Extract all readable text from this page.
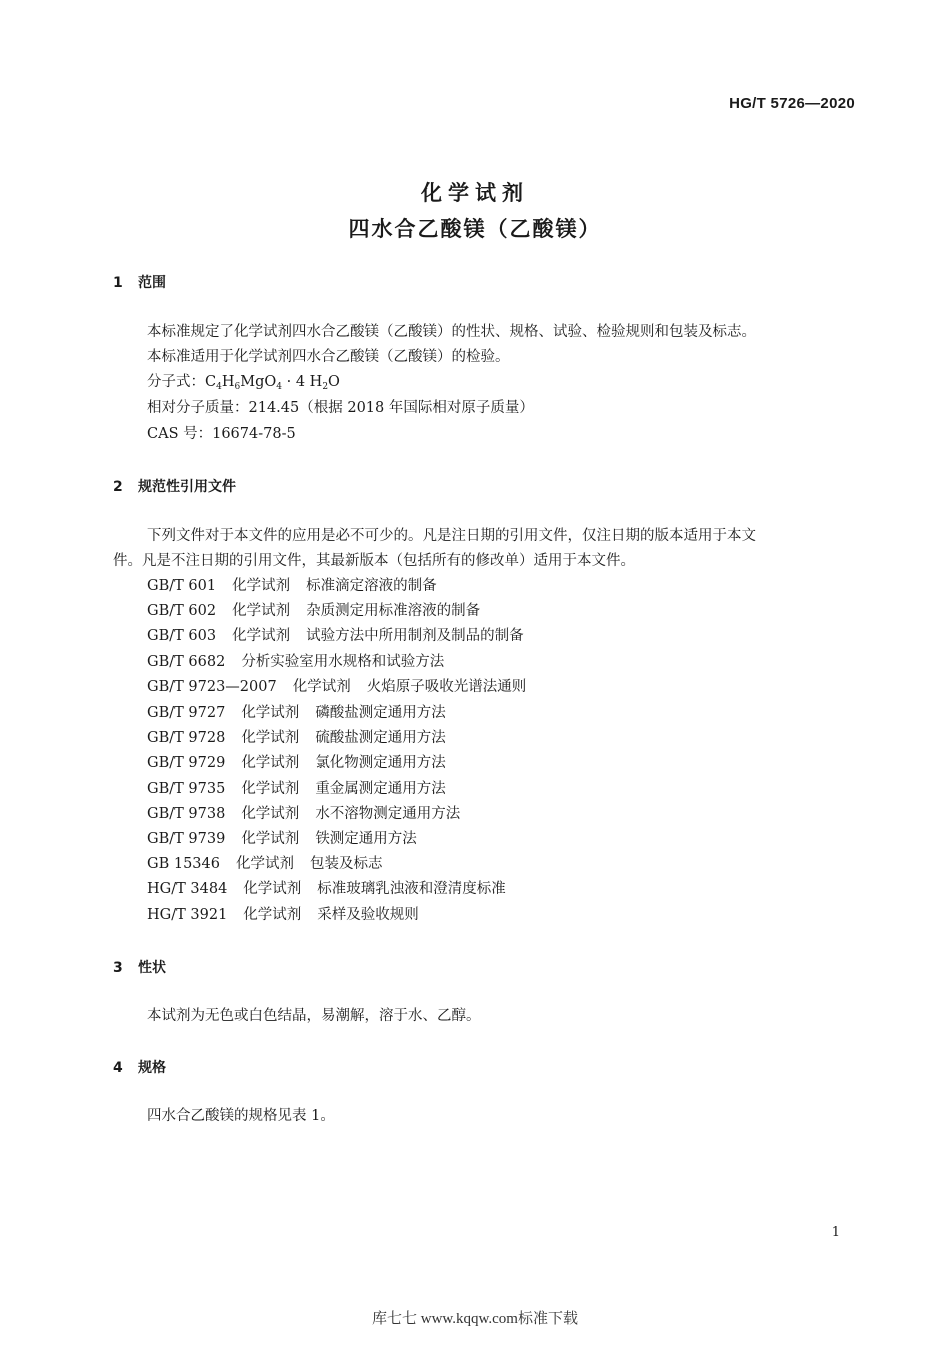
HG/T 5726—2020
化学试剂
四水合乙酸镁（乙酸镁）
1 范围
本标准规定了化学试剂四水合乙酸镁（乙酸镁）的性状、规格、试验、检验规则和包装及标志。
本标准适用于化学试剂四水合乙酸镁（乙酸镁）的检验。
分子式：$C_4H_6MgO_4 \cdot 4$ $H_2O$
相对分子质量：214.45（根据 2018 年国际相对原子质量）
CAS 号：16674-78-5
2 规范性引用文件
下列文件对于本文件的应用是必不可少的。凡是注日期的引用文件，仅注日期的版本适用于本文
件。凡是不注日期的引用文件，其最新版本（包括所有的修改单）适用于本文件。
GB/T 601 化学试剂 标准滴定溶液的制备
GB/T 602 化学试剂 杂质测定用标准溶液的制备
GB/T 603 化学试剂 试验方法中所用制剂及制品的制备
GB/T 6682 分析实验室用水规格和试验方法
GB/T 9723—2007 化学试剂 火焰原子吸收光谱法通则
GB/T 9727 化学试剂 磷酸盐测定通用方法
GB/T 9728 化学试剂 硫酸盐测定通用方法
GB/T 9729 化学试剂 氯化物测定通用方法
GB/T 9735 化学试剂 重金属测定通用方法
GB/T 9738 化学试剂 水不溶物测定通用方法
GB/T 9739 化学试剂 铁测定通用方法
GB 15346 化学试剂 包装及标志
HG/T 3484 化学试剂 标准玻璃乳浊液和澄清度标准
HG/T 3921 化学试剂 采样及验收规则
3 性状
本试剂为无色或白色结晶，易潮解，溶于水、乙醇。
4 规格
四水合乙酸镁的规格见表 1。
1
库七七 www.kqqw.com标准下载
